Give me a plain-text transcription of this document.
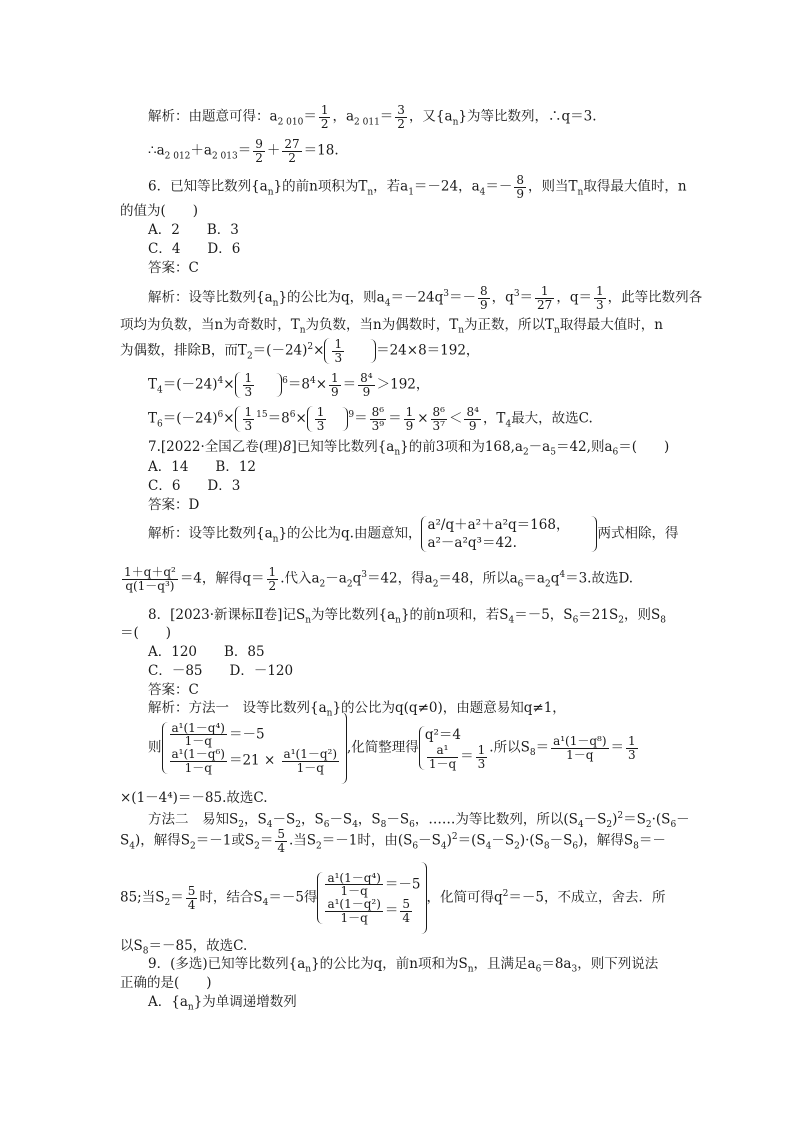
解析：由题意可得：$a_{2 010}= \frac{1}{2}$ ，$a_{2 011}= \frac{3}{2}$ ，又$\{a_n\}$为等比数列，∴q＝3.
$\therefore a_{2 012}+a_{2 013}= \frac{9}{2} + \frac{27}{2} =18$.
6．已知等比数列$\{a_n\}$的前n项积为$T_n$，若$a_1=-24$，$a_4=- \frac{8}{9}$ ，则当$T_n$取得最大值时，n
的值为(　　)
A．2　　B．3
C．4　　D．6
答案：C
解析：设等比数列$\{a_n\}$的公比为q，则$a_4=-24q^3=- \frac{8}{9}$ ，$q^3= \frac{1}{27}$ ，$q= \frac{1}{3}$ ，此等比数列各
项均为负数，当n为奇数时，$T_n$为负数，当n为偶数时，$T_n$为正数，所以$T_n$取得最大值时，n
为偶数，排除B，而$T_2=(-24)^2\times \frac{1}{3} =24\times 8=192$，
$T_4=(-24)^4\times \frac{1}{3}$	$^6=8^4\times \frac{1}{9} = \frac{\text{8⁴}}{9} >192$，
$T_6=(-24)^6\times \frac{1}{3} ^{15}=8^6\times \frac{1}{3} ^9= \frac{\text{8⁶}}{\text{3⁹}} = \frac{1}{9} \times \frac{\text{8⁶}}{\text{3⁷}} < \frac{\text{8⁴}}{9}$ ，$T_4$最大，故选C.
7.[2022·全国乙卷(理)8]已知等比数列$\{a_n\}$的前3项和为$168,a_2-a_5=42$,则$a_6=$(　　)
A．14　　B．12
C．6　　D．3
答案：D
解析：设等比数列$\{a_n\}$的公比为q.由题意知，
a²/q＋a²＋a²q＝168，
a²－a²q³＝42.
两式相除，得
$\frac{\text{1＋q＋q²}}{\text{q(1－q³)}} =4$，解得$q= \frac{1}{2}$ .代入$a_2-a_2q^3=42$，得$a_2=48$，所以$a_6=a_2q^4=3$.故选D.
8．[2023·新课标Ⅱ卷]记$S_n$为等比数列$\{a_n\}$的前n项和，若$S_4=-5$，$S_6=21S_2$，则$S_8$
＝(　　)
A．120　　B．85
C．－85　　D．－120
答案：C
解析：方法一　设等比数列$\{a_n\}$的公比为q(q≠0)，由题意易知q≠1，
则 $\frac{\text{a¹(1－q⁴)}}{1-q} =-5$
$\frac{\text{a¹(1－q⁶)}}{1-q} =21 \times \frac{\text{a¹(1－q²)}}{1-q}$
,化简整理得
q²＝4
$\frac{\text{a¹}}{1-q} = \frac{1}{3}$ .所以$S_8= \frac{\text{a¹(1－q⁸)}}{1-q} = \frac{1}{3}$
×(1－4⁴)＝－85.故选C.
方法二　易知$S_2$，$S_4-S_2$，$S_6-S_4$，$S_8-S_6$，……为等比数列，所以$(S_4-S_2)^2=S_2\cdot(S_6-$
$S_4$)，解得$S_2=-1$或$S_2= \frac{5}{4}$ .当$S_2=-1$时，由$(S_6-S_4)^2=(S_4-S_2)\cdot(S_8-S_6)$，解得$S_8=-$
85;当$S_2= \frac{5}{4}$ 时，结合$S_4=-5$得 $\frac{\text{a¹(1－q⁴)}}{1-q} =-5$
$\frac{\text{a¹(1－q²)}}{1-q} = \frac{5}{4}$
，化简可得$q^2=-5$，不成立，舍去．所
以$S_8=-85$，故选C.
9．(多选)已知等比数列$\{a_n\}$的公比为q，前n项和为$S_n$，且满足$a_6=8a_3$，则下列说法
正确的是(　　)
A．$\{a_n\}$为单调递增数列
